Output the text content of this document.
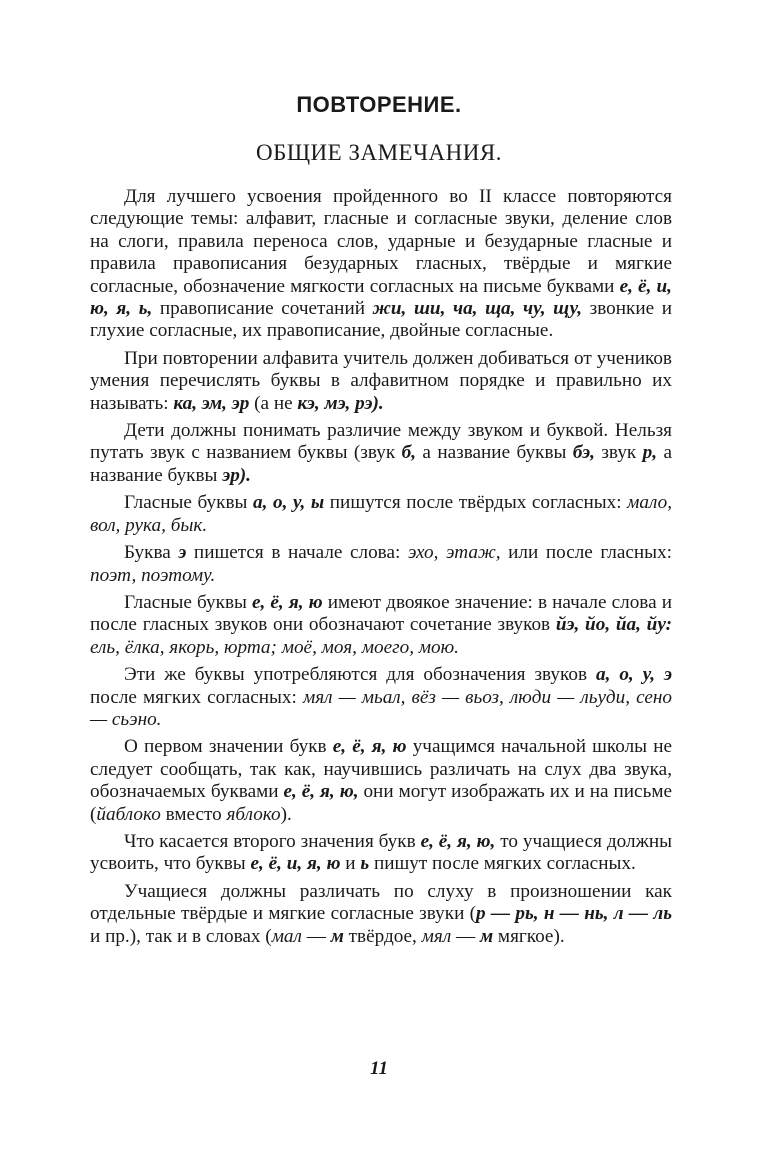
ПОВТОРЕНИЕ.
ОБЩИЕ ЗАМЕЧАНИЯ.

Для лучшего усвоения пройденного во II классе повторяются следующие темы: алфавит, гласные и согласные звуки, деление слов на слоги, правила переноса слов, ударные и безударные гласные и правила правописания безударных гласных, твёрдые и мягкие согласные, обозначение мягкости согласных на письме буквами е, ё, и, ю, я, ь, правописание сочетаний жи, ши, ча, ща, чу, щу, звонкие и глухие согласные, их правописание, двойные согласные.

При повторении алфавита учитель должен добиваться от учеников умения перечислять буквы в алфавитном порядке и правильно их называть: ка, эм, эр (а не кэ, мэ, рэ).

Дети должны понимать различие между звуком и буквой. Нельзя путать звук с названием буквы (звук б, а название буквы бэ, звук р, а название буквы эр).

Гласные буквы а, о, у, ы пишутся после твёрдых согласных: мало, вол, рука, бык.

Буква э пишется в начале слова: эхо, этаж, или после гласных: поэт, поэтому.

Гласные буквы е, ё, я, ю имеют двоякое значение: в начале слова и после гласных звуков они обозначают сочетание звуков йэ, йо, йа, йу: ель, ёлка, якорь, юрта; моё, моя, моего, мою.

Эти же буквы употребляются для обозначения звуков а, о, у, э после мягких согласных: мял — мьал, вёз — вьоз, люди — льуди, сено — сьэно.

О первом значении букв е, ё, я, ю учащимся начальной школы не следует сообщать, так как, научившись различать на слух два звука, обозначаемых буквами е, ё, я, ю, они могут изображать их и на письме (йаблоко вместо яблоко).

Что касается второго значения букв е, ё, я, ю, то учащиеся должны усвоить, что буквы е, ё, и, я, ю и ь пишут после мягких согласных.

Учащиеся должны различать по слуху в произношении как отдельные твёрдые и мягкие согласные звуки (р — рь, н — нь, л — ль и пр.), так и в словах (мал — м твёрдое, мял — м мягкое).

11
